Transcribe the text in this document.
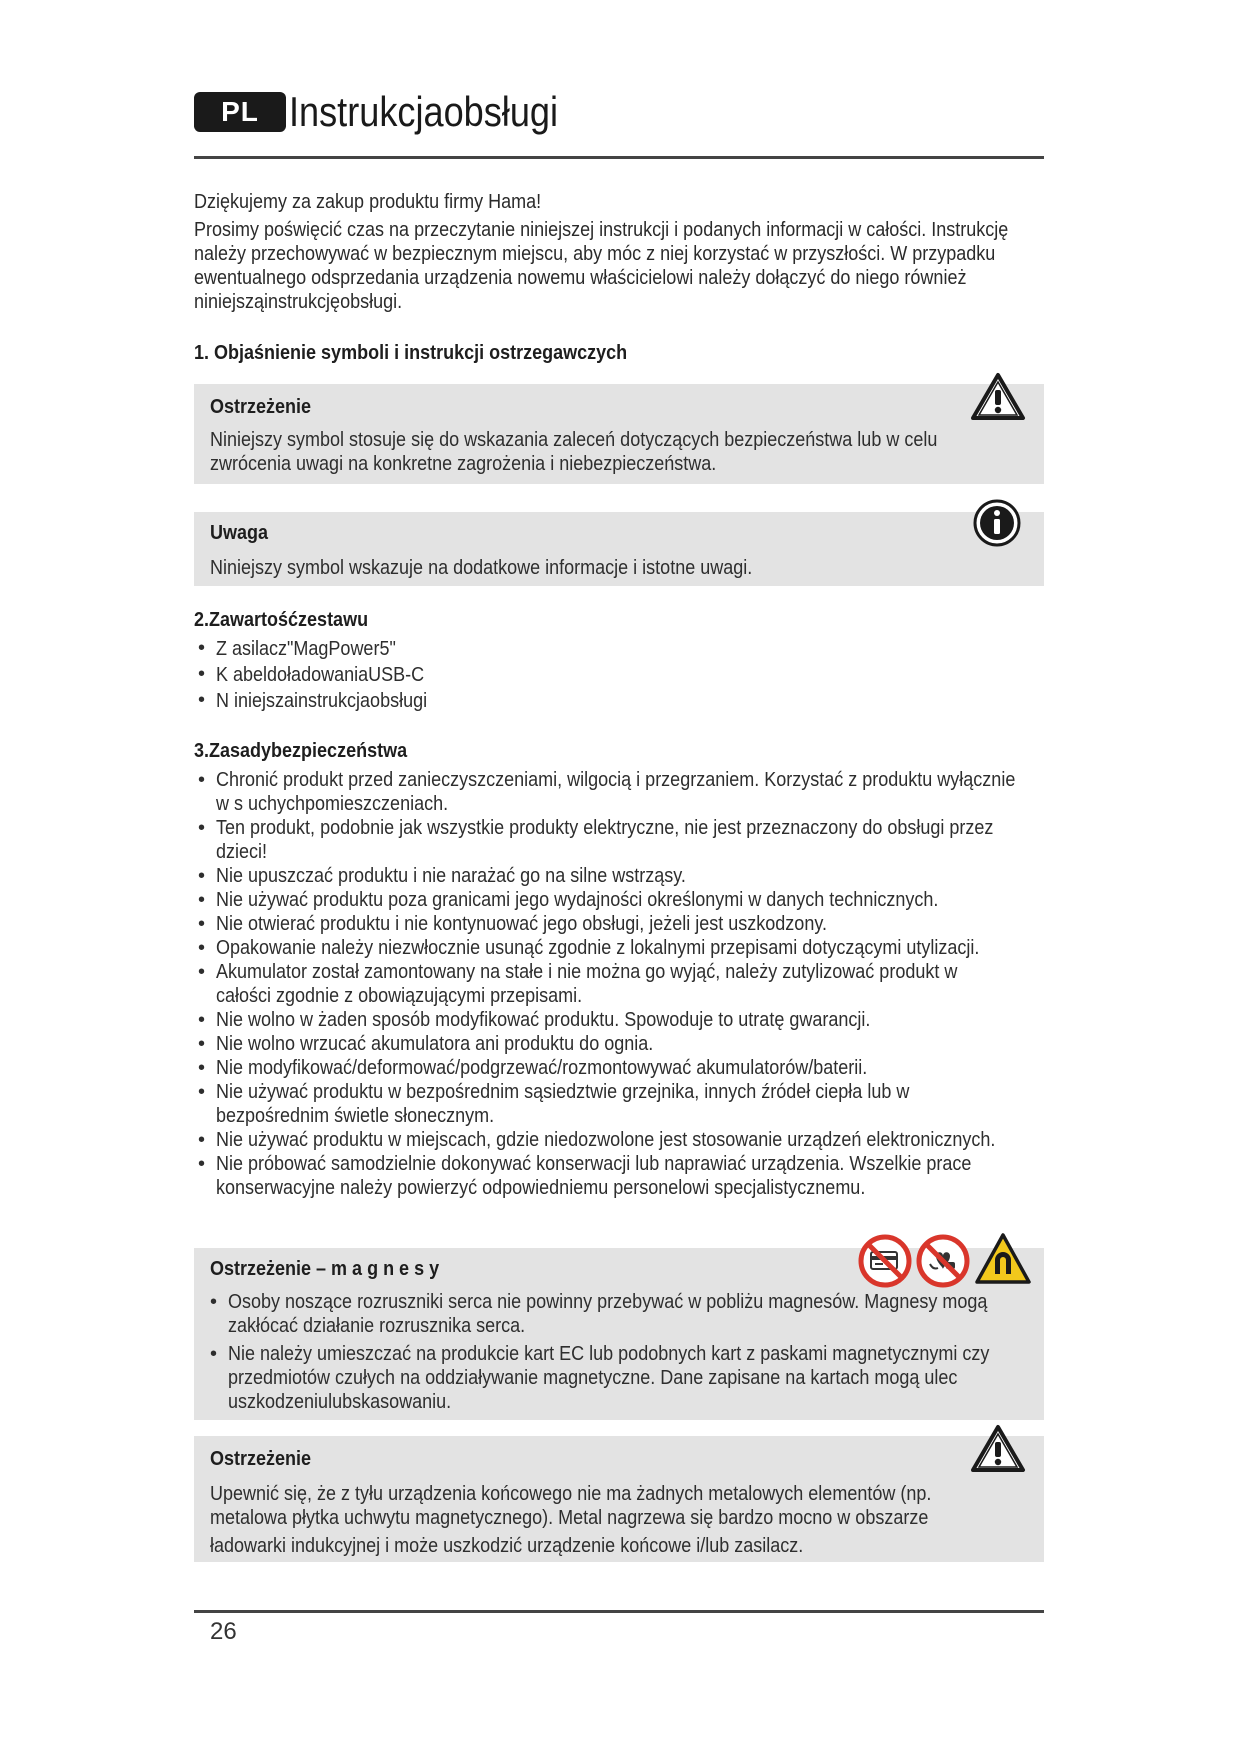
PL Instrukcjaobsługi
Dziękujemy za zakup produktu firmy Hama!
Prosimy poświęcić czas na przeczytanie niniejszej instrukcji i podanych informacji w całości. Instrukcję
należy przechowywać w bezpiecznym miejscu, aby móc z niej korzystać w przyszłości. W przypadku
ewentualnego odsprzedania urządzenia nowemu właścicielowi należy dołączyć do niego również
niniejsząinstrukcjęobsługi.
1. Objaśnienie symboli i instrukcji ostrzegawczych
Ostrzeżenie
Niniejszy symbol stosuje się do wskazania zaleceń dotyczących bezpieczeństwa lub w celu
zwrócenia uwagi na konkretne zagrożenia i niebezpieczeństwa.
Uwaga
Niniejszy symbol wskazuje na dodatkowe informacje i istotne uwagi.
2.Zawartośćzestawu
• Z asilacz"MagPower5"
• K abeldoładowaniaUSB-C
• N iniejszainstrukcjaobsługi
3.Zasadybezpieczeństwa
• Chronić produkt przed zanieczyszczeniami, wilgocią i przegrzaniem. Korzystać z produktu wyłącznie
w s uchychpomieszczeniach.
• Ten produkt, podobnie jak wszystkie produkty elektryczne, nie jest przeznaczony do obsługi przez
dzieci!
• Nie upuszczać produktu i nie narażać go na silne wstrząsy.
• Nie używać produktu poza granicami jego wydajności określonymi w danych technicznych.
• Nie otwierać produktu i nie kontynuować jego obsługi, jeżeli jest uszkodzony.
• Opakowanie należy niezwłocznie usunąć zgodnie z lokalnymi przepisami dotyczącymi utylizacji.
• Akumulator został zamontowany na stałe i nie można go wyjąć, należy zutylizować produkt w
całości zgodnie z obowiązującymi przepisami.
• Nie wolno w żaden sposób modyfikować produktu. Spowoduje to utratę gwarancji.
• Nie wolno wrzucać akumulatora ani produktu do ognia.
• Nie modyfikować/deformować/podgrzewać/rozmontowywać akumulatorów/baterii.
• Nie używać produktu w bezpośrednim sąsiedztwie grzejnika, innych źródeł ciepła lub w
bezpośrednim świetle słonecznym.
• Nie używać produktu w miejscach, gdzie niedozwolone jest stosowanie urządzeń elektronicznych.
• Nie próbować samodzielnie dokonywać konserwacji lub naprawiać urządzenia. Wszelkie prace
konserwacyjne należy powierzyć odpowiedniemu personelowi specjalistycznemu.
Ostrzeżenie – m a g n e s y
• Osoby noszące rozruszniki serca nie powinny przebywać w pobliżu magnesów. Magnesy mogą
zakłócać działanie rozrusznika serca.
• Nie należy umieszczać na produkcie kart EC lub podobnych kart z paskami magnetycznymi czy
przedmiotów czułych na oddziaływanie magnetyczne. Dane zapisane na kartach mogą ulec
uszkodzeniulubskasowaniu.
Ostrzeżenie
Upewnić się, że z tyłu urządzenia końcowego nie ma żadnych metalowych elementów (np.
metalowa płytka uchwytu magnetycznego). Metal nagrzewa się bardzo mocno w obszarze
ładowarki indukcyjnej i może uszkodzić urządzenie końcowe i/lub zasilacz.
26
